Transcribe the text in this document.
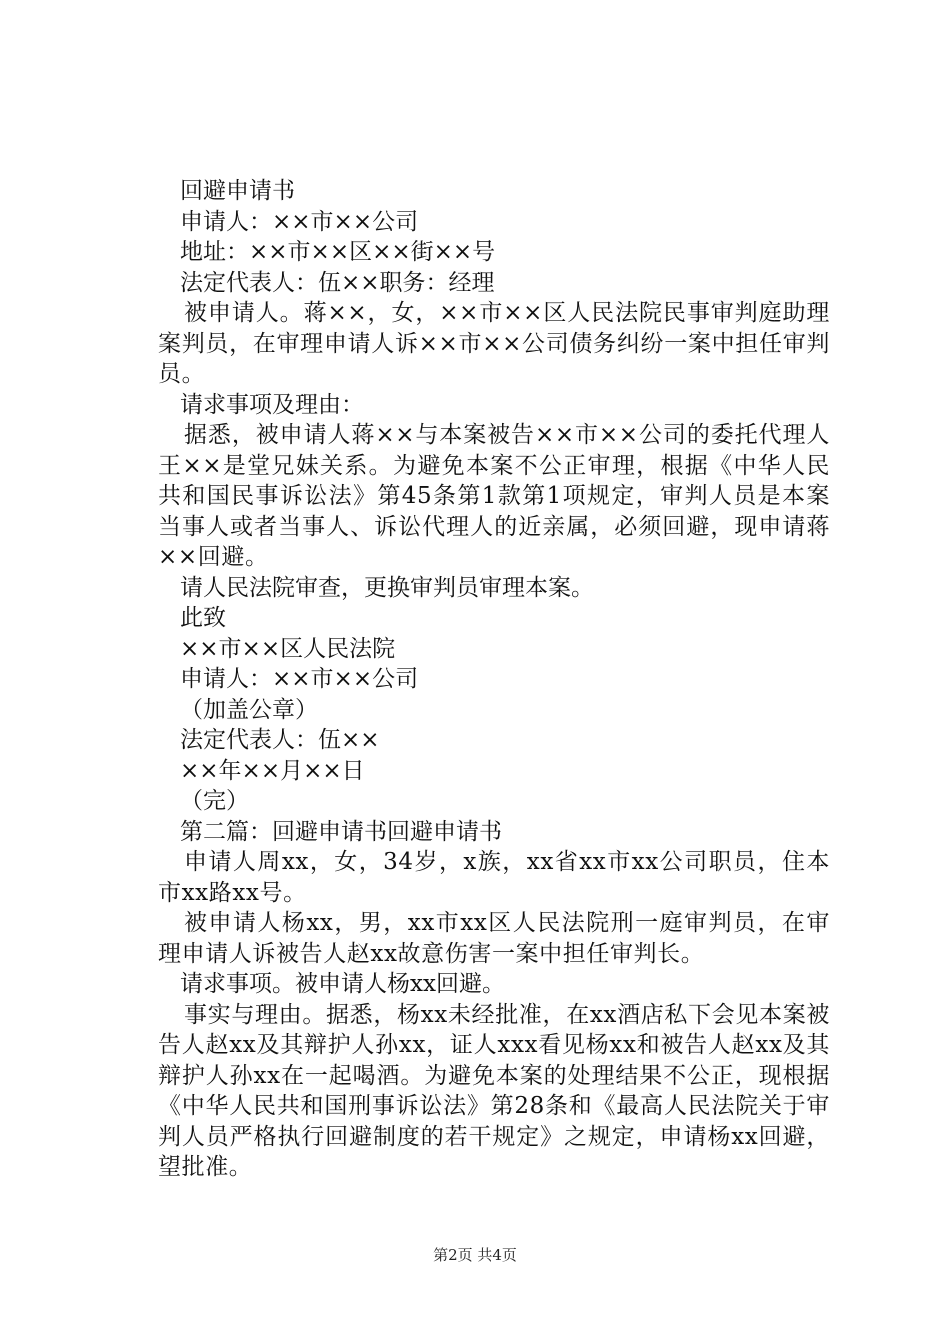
回避申请书

申请人：××市××公司

地址：××市××区××街××号

法定代表人：伍××职务：经理

被申请人。蒋××，女，××市××区人民法院民事审判庭助理案判员，在审理申请人诉××市××公司债务纠纷一案中担任审判员。

请求事项及理由：

据悉，被申请人蒋××与本案被告××市××公司的委托代理人王××是堂兄妹关系。为避免本案不公正审理，根据《中华人民共和国民事诉讼法》第45条第1款第1项规定，审判人员是本案当事人或者当事人、诉讼代理人的近亲属，必须回避，现申请蒋××回避。

请人民法院审查，更换审判员审理本案。

此致

××市××区人民法院

申请人：××市××公司

（加盖公章）

法定代表人：伍××

××年××月××日

（完）

第二篇：回避申请书回避申请书

申请人周xx，女，34岁，x族，xx省xx市xx公司职员，住本市xx路xx号。

被申请人杨xx，男，xx市xx区人民法院刑一庭审判员，在审理申请人诉被告人赵xx故意伤害一案中担任审判长。

请求事项。被申请人杨xx回避。

事实与理由。据悉，杨xx未经批准，在xx酒店私下会见本案被告人赵xx及其辩护人孙xx，证人xxx看见杨xx和被告人赵xx及其辩护人孙xx在一起喝酒。为避免本案的处理结果不公正，现根据《中华人民共和国刑事诉讼法》第28条和《最高人民法院关于审判人员严格执行回避制度的若干规定》之规定，申请杨xx回避，望批准。

第2页 共4页
